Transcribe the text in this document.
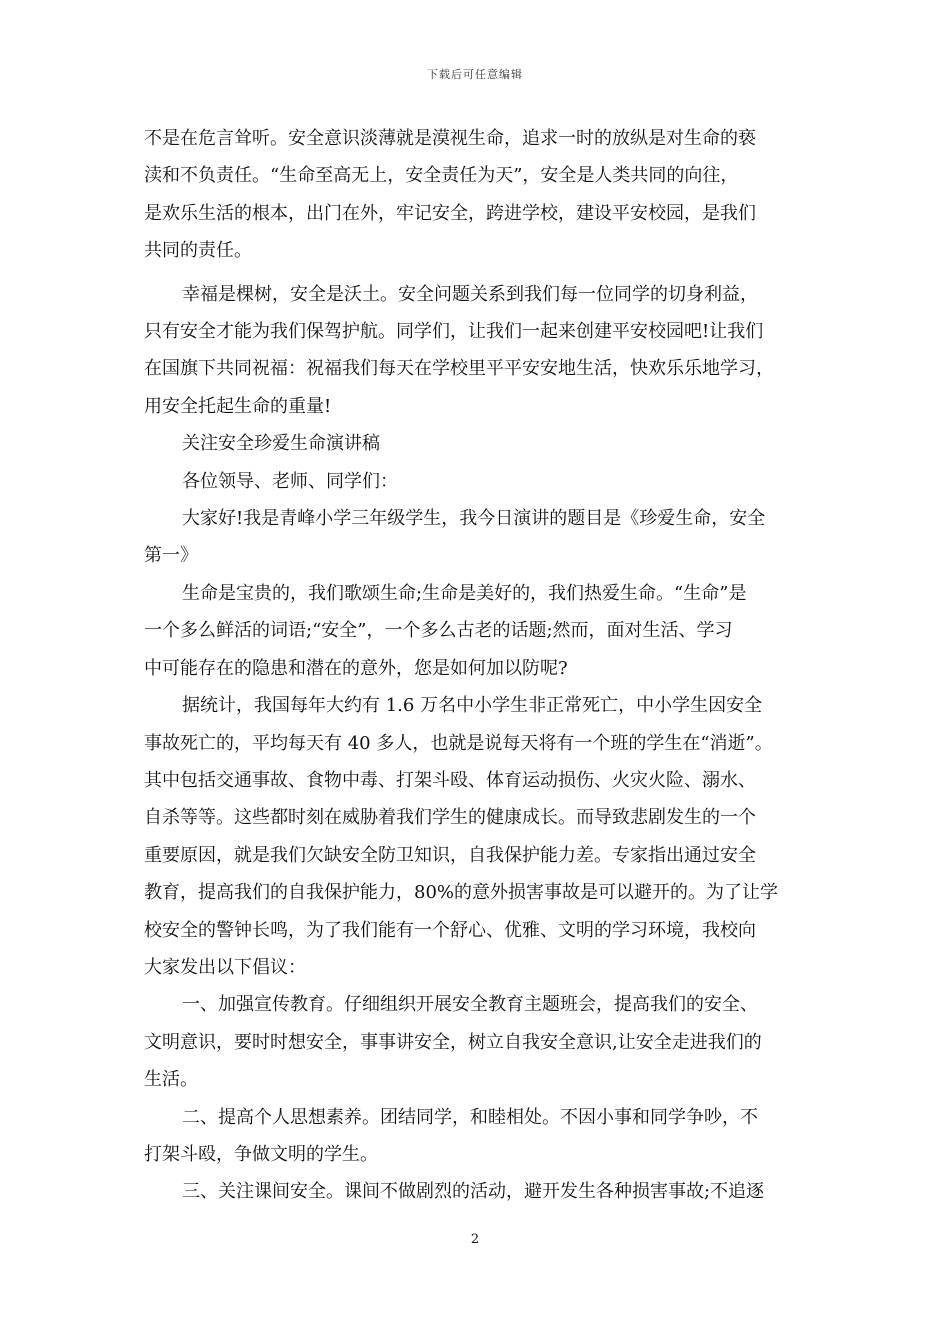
下载后可任意编辑

不是在危言耸听。安全意识淡薄就是漠视生命，追求一时的放纵是对生命的亵
渎和不负责任。“生命至高无上，安全责任为天”，安全是人类共同的向往，
是欢乐生活的根本，出门在外，牢记安全，跨进学校，建设平安校园，是我们
共同的责任。

幸福是棵树，安全是沃土。安全问题关系到我们每一位同学的切身利益，
只有安全才能为我们保驾护航。同学们，让我们一起来创建平安校园吧!让我们
在国旗下共同祝福：祝福我们每天在学校里平平安安地生活，快欢乐乐地学习，
用安全托起生命的重量!

关注安全珍爱生命演讲稿

各位领导、老师、同学们：

大家好!我是青峰小学三年级学生，我今日演讲的题目是《珍爱生命，安全
第一》

生命是宝贵的，我们歌颂生命;生命是美好的，我们热爱生命。“生命”是
一个多么鲜活的词语;“安全”，一个多么古老的话题;然而，面对生活、学习
中可能存在的隐患和潜在的意外，您是如何加以防呢?

据统计，我国每年大约有 1.6 万名中小学生非正常死亡，中小学生因安全
事故死亡的，平均每天有 40 多人，也就是说每天将有一个班的学生在“消逝”。
其中包括交通事故、食物中毒、打架斗殴、体育运动损伤、火灾火险、溺水、
自杀等等。这些都时刻在威胁着我们学生的健康成长。而导致悲剧发生的一个
重要原因，就是我们欠缺安全防卫知识，自我保护能力差。专家指出通过安全
教育，提高我们的自我保护能力，80%的意外损害事故是可以避开的。为了让学
校安全的警钟长鸣，为了我们能有一个舒心、优雅、文明的学习环境，我校向
大家发出以下倡议：

一、加强宣传教育。仔细组织开展安全教育主题班会，提高我们的安全、
文明意识，要时时想安全，事事讲安全，树立自我安全意识,让安全走进我们的
生活。

二、提高个人思想素养。团结同学，和睦相处。不因小事和同学争吵，不
打架斗殴，争做文明的学生。

三、关注课间安全。课间不做剧烈的活动，避开发生各种损害事故;不追逐

2
